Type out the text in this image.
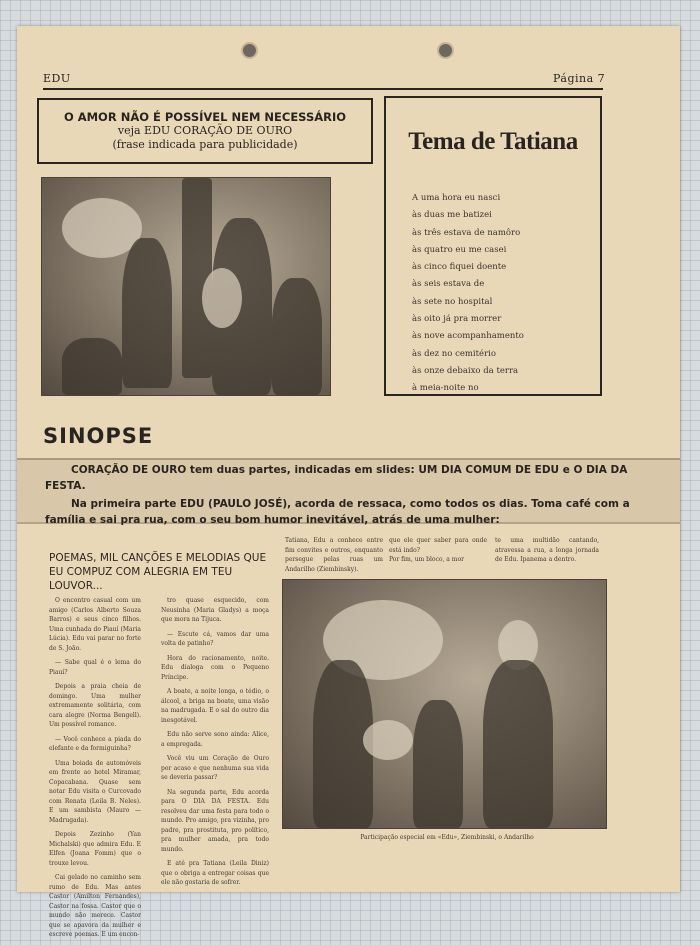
EDU	Página 7
O AMOR NÃO É POSSÍVEL NEM NECESSÁRIO
veja EDU CORAÇÃO DE OURO
(frase indicada para publicidade)	Tema de Tatiana
A uma hora eu nasci
às duas me batizei
às três estava de namôro
às quatro eu me casei
às cinco fiquei doente
às seis estava de
às sete no hospital
às oito já pra morrer
às nove acompanhamento
às dez no cemitério
às onze debaixo da terra
à meia-noite no
SINOPSE
CORAÇÃO DE OURO tem duas partes, indicadas em slides: UM DIA COMUM DE EDU e O DIA DA FESTA.
Na primeira parte EDU (PAULO JOSÉ), acorda de ressaca, como todos os dias. Toma café com a família e sai pra rua, com o seu bom humor inevitável, atrás de uma mulher:
POEMAS, MIL CANÇÕES E MELODIAS QUE EU COMPUZ COM ALEGRIA EM TEU LOUVOR...

O encontro casual com um amigo (Carlos Alberto Souza Barros) e seus cinco filhos. Uma cunhada do Piauí (Maria Lúcia). Edu vai parar no forte de S. João.

— Sabe qual é o lema do Piauí?

Depois a praia cheia de domingo. Uma mulher extremamente solitária, com cara alegre (Norma Bengell). Um possível romance.

— Você conhece a piada do elefante e da formiguinha?

Uma boiada de automóveis em frente ao hotel Miramar, Copacabana. Quase sem notar Edu visita o Curcovado com Renata (Leila B. Neles). E um sambista (Mauro — Madrugada).

Depois Zezinho (Yan Michalski) que admira Edu. E Elfen (Joana Fomm) que o trouxe levou.

Cai gelado no caminho sem rumo de Edu. Mas antes Castor (Amilton Fernandes), Castor na fossa. Castor que o mundo não merece. Castor que se apavora da mulher e escreve poemas. E um encon-

tro quase esquecido, com Neusinha (Maria Gladys) a moça que mora na Tijuca.

— Escute cá, vamos dar uma volta de patinho?

Hora do racionamento, noite. Edu dialoga com o Pequeno Príncipe.

A boate, a noite longa, o tédio, o álcool, a briga na boate, uma visão na madrugada. E o sal do outro dia inesgotável.

Edu não serve sono ainda: Alice, a empregada.

Você viu um Coração de Ouro por acaso e que nenhuma sua vida se deveria passar?

Na segunda parte, Edu acorda para O DIA DA FESTA. Edu resolveu dar uma festa para todo o mundo. Pro amigo, pra vizinha, pro padre, pra prostituta, pro político, pra mulher amada, pra todo mundo.

E até pra Tatiana (Leila Diniz) que o obriga a entregar coisas que ele não gostaria de sofrer.

Tatiana, Edu a conhece entre fim convites e outros, enquanto persegue pelas ruas um Andarilho (Ziembinsky).
que ele quer saber para onde está indo?
Por fim, um bloco, a mor
te uma multidão cantando, atravessa a rua, a longa jornada de Edu. Ipanema a dentro.
Participação especial em «Edu», Ziembinski, o Andarilho
